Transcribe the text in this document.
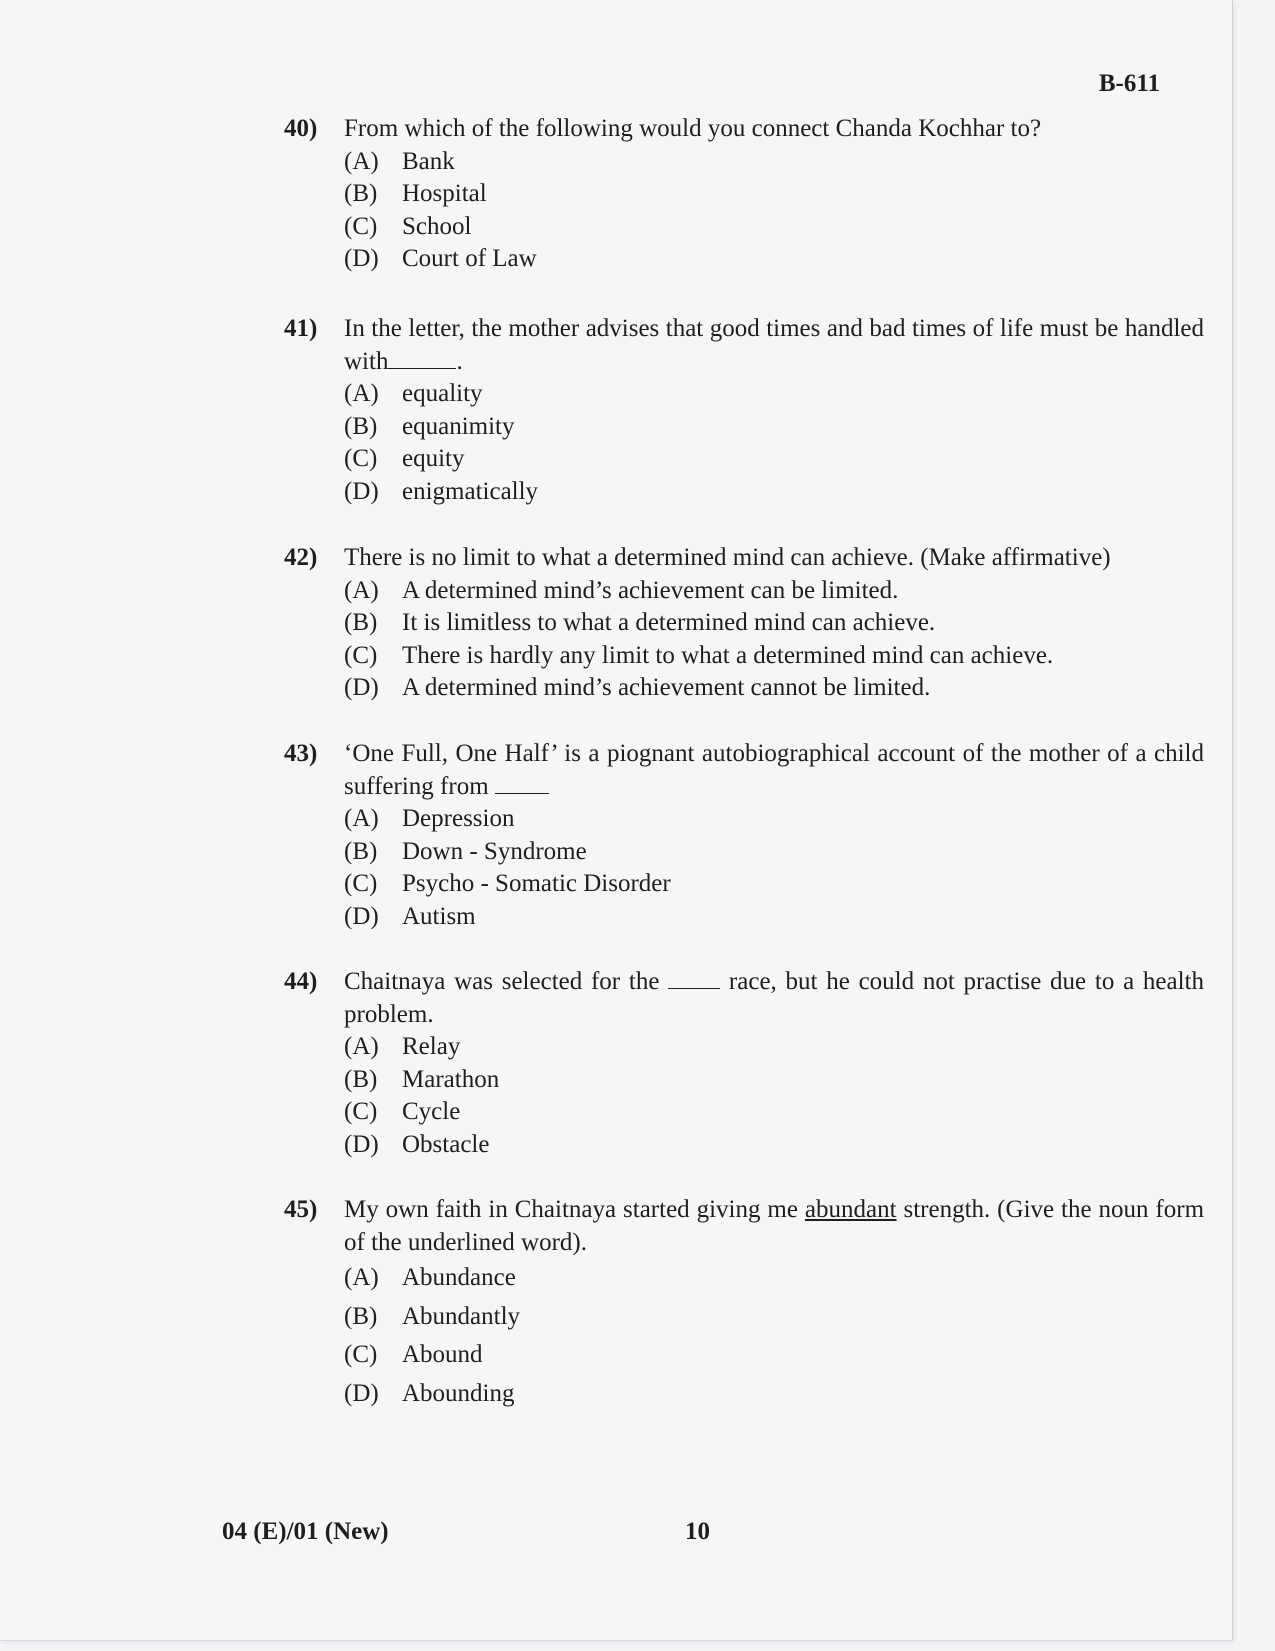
B-611
40) From which of the following would you connect Chanda Kochhar to?
(A) Bank
(B) Hospital
(C) School
(D) Court of Law
41) In the letter, the mother advises that good times and bad times of life must be handled with	.
(A) equality
(B) equanimity
(C) equity
(D) enigmatically
42) There is no limit to what a determined mind can achieve. (Make affirmative)
(A) A determined mind’s achievement can be limited.
(B) It is limitless to what a determined mind can achieve.
(C) There is hardly any limit to what a determined mind can achieve.
(D) A determined mind’s achievement cannot be limited.
43) ‘One Full, One Half’ is a piognant autobiographical account of the mother of a child suffering from
(A) Depression
(B) Down - Syndrome
(C) Psycho - Somatic Disorder
(D) Autism
44) Chaitnaya was selected for the	race, but he could not practise due to a health problem.
(A) Relay
(B) Marathon
(C) Cycle
(D) Obstacle
45) My own faith in Chaitnaya started giving me abundant strength. (Give the noun form of the underlined word).
(A) Abundance
(B) Abundantly
(C) Abound
(D) Abounding
04 (E)/01 (New)	10
